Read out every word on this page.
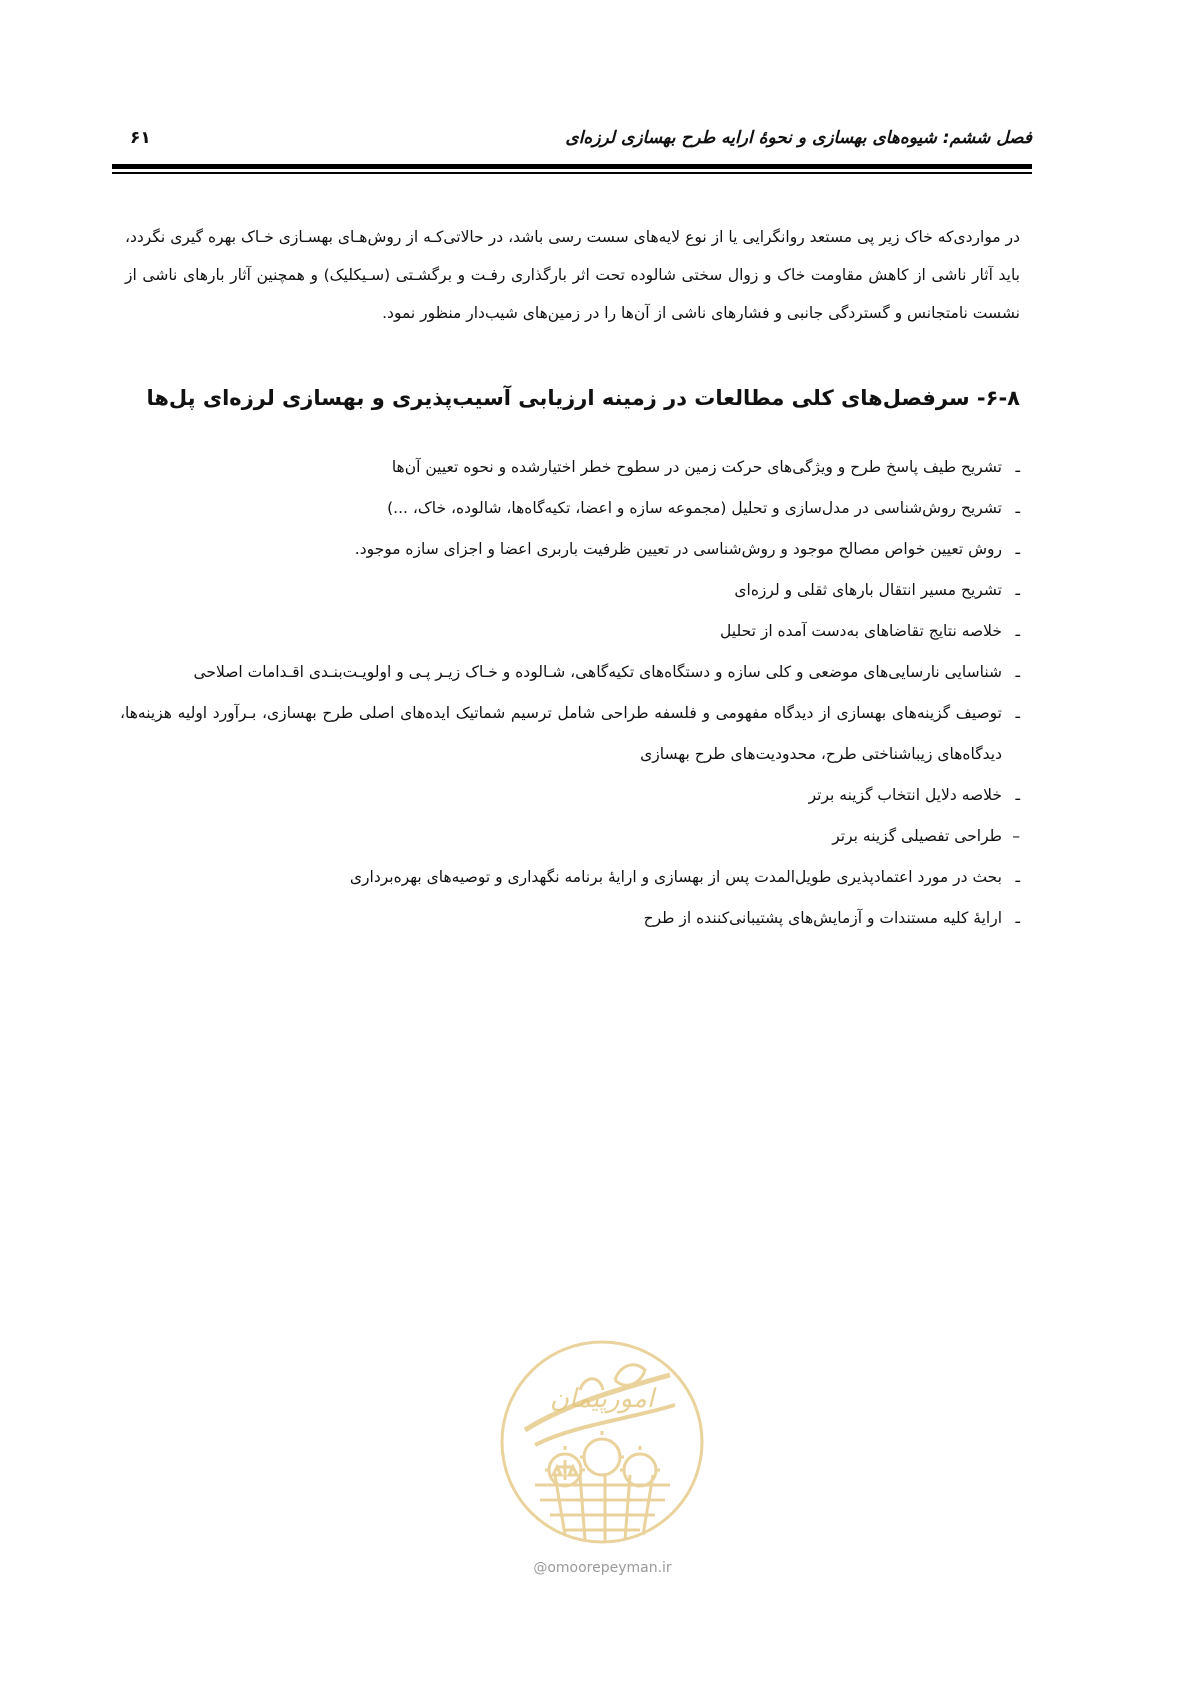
فصل ششم: شیوه‌های بهسازی و نحوهٔ ارایه طرح بهسازی لرزه‌ای
۶۱

در مواردی‌که خاک زیر پی مستعد روانگرایی یا از نوع لایه‌های سست رسی باشد، در حالاتی‌کـه از روش‌هـای بهسـازی خـاک بهره گیری نگردد، باید آثار ناشی از کاهش مقاومت خاک و زوال سختی شالوده تحت اثر بارگذاری رفـت و برگشـتی (سـیکلیک) و همچنین آثار بارهای ناشی از نشست نامتجانس و گستردگی جانبی و فشارهای ناشی از آن‌ها را در زمین‌های شیب‌دار منظور نمود.

۶-۸- سرفصل‌های کلی مطالعات در زمینه ارزیابی آسیب‌پذیری و بهسازی لرزه‌ای پل‌ها
ـ تشریح طیف پاسخ طرح و ویژگی‌های حرکت زمین در سطوح خطر اختیارشده و نحوه تعیین آن‌ها
ـ تشریح روش‌شناسی در مدل‌سازی و تحلیل (مجموعه سازه و اعضا، تکیه‌گاه‌ها، شالوده، خاک، ...)
ـ روش تعیین خواص مصالح موجود و روش‌شناسی در تعیین ظرفیت باربری اعضا و اجزای سازه موجود.
ـ تشریح مسیر انتقال بارهای ثقلی و لرزه‌ای
ـ خلاصه نتایج تقاضاهای به‌دست آمده از تحلیل
ـ شناسایی نارسایی‌های موضعی و کلی سازه و دستگاه‌های تکیه‌گاهی، شـالوده و خـاک زیـر پـی و اولویـت‌بنـدی اقـدامات اصلاحی
ـ توصیف گزینه‌های بهسازی از دیدگاه مفهومی و فلسفه طراحی شامل ترسیم شماتیک ایده‌های اصلی طرح بهسازی، بـرآورد اولیه هزینه‌ها، دیدگاه‌های زیباشناختی طرح، محدودیت‌های طرح بهسازی
ـ خلاصه دلایل انتخاب گزینه برتر
– طراحی تفصیلی گزینه برتر
ـ بحث در مورد اعتمادپذیری طویل‌المدت پس از بهسازی و ارایهٔ برنامه نگهداری و توصیه‌های بهره‌برداری
ـ ارایهٔ کلیه مستندات و آزمایش‌های پشتیبانی‌کننده از طرح
امورپیمان
@omoorepeyman.ir
